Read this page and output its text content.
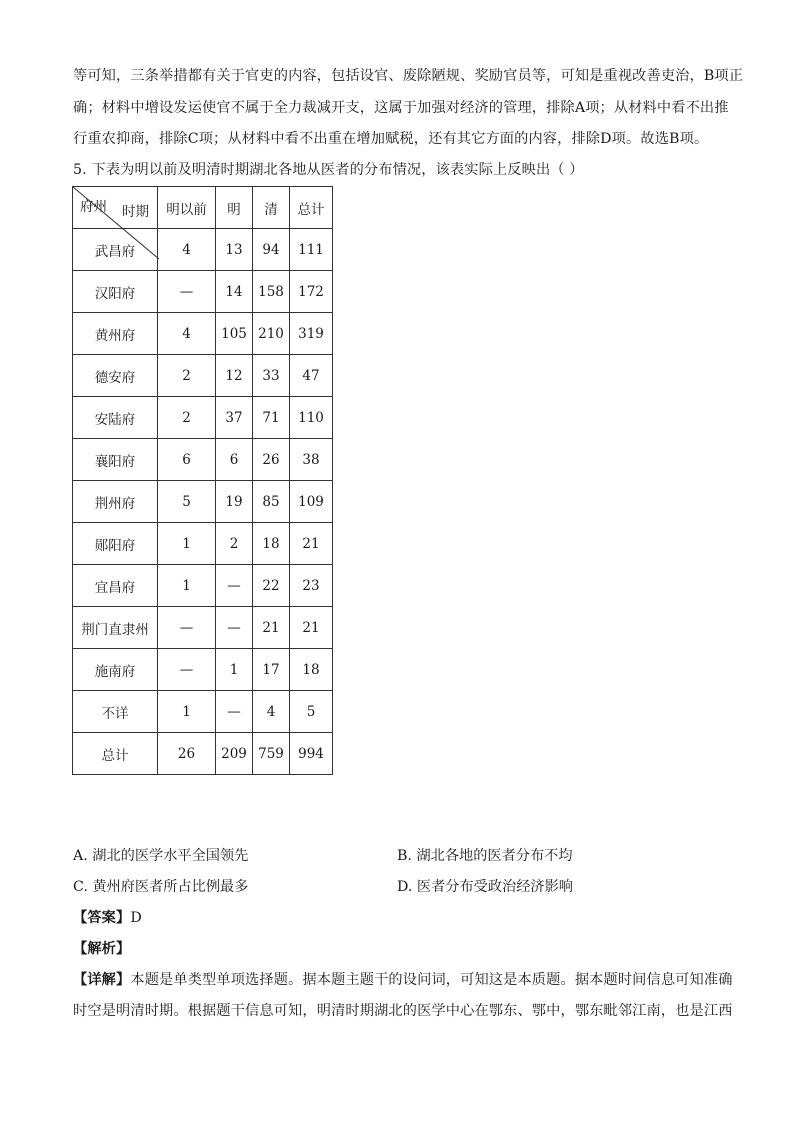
等可知，三条举措都有关于官吏的内容，包括设官、废除陋规、奖励官员等，可知是重视改善吏治，B项正
确；材料中增设发运使官不属于全力裁减开支，这属于加强对经济的管理，排除A项；从材料中看不出推
行重农抑商，排除C项；从材料中看不出重在增加赋税，还有其它方面的内容，排除D项。故选B项。
5. 下表为明以前及明清时期湖北各地从医者的分布情况，该表实际上反映出（ ）
时期
府州	明以前	明	清	总计
武昌府	4	13	94	111
汉阳府	—	14	158	172
黄州府	4	105	210	319
德安府	2	12	33	47
安陆府	2	37	71	110
襄阳府	6	6	26	38
荆州府	5	19	85	109
郧阳府	1	2	18	21
宜昌府	1	—	22	23
荆门直隶州	—	—	21	21
施南府	—	1	17	18
不详	1	—	4	5
总计	26	209	759	994
A. 湖北的医学水平全国领先	B. 湖北各地的医者分布不均
C. 黄州府医者所占比例最多	D. 医者分布受政治经济影响
【答案】D
【解析】
【详解】本题是单类型单项选择题。据本题主题干的设问词，可知这是本质题。据本题时间信息可知准确
时空是明清时期。根据题干信息可知，明清时期湖北的医学中心在鄂东、鄂中，鄂东毗邻江南，也是江西
